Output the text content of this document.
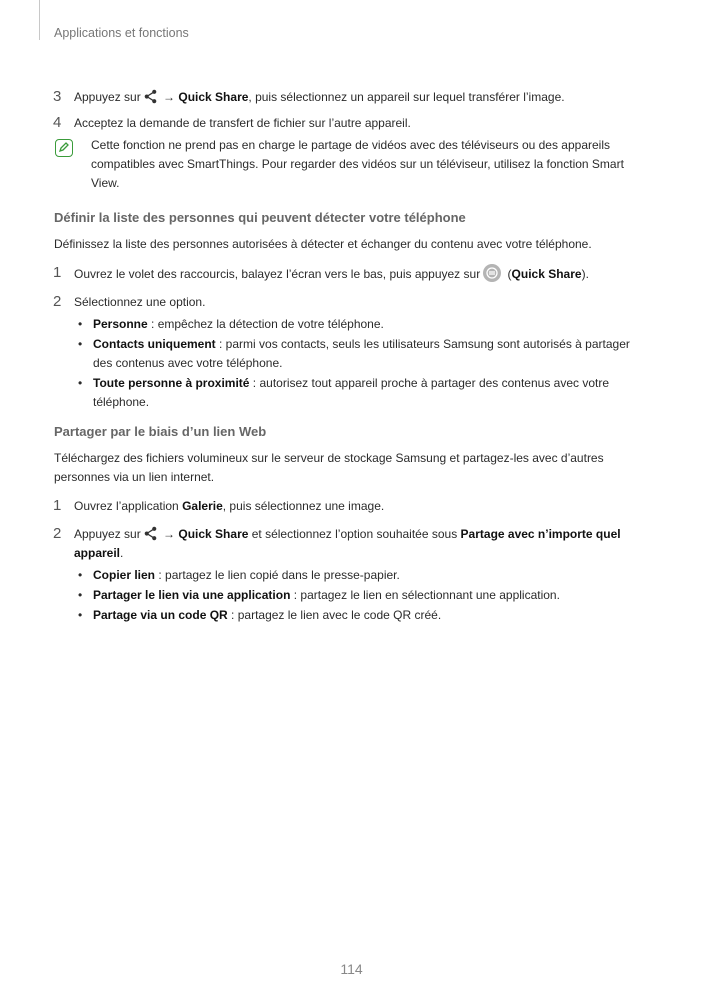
Applications et fonctions
3 Appuyez sur → Quick Share, puis sélectionnez un appareil sur lequel transférer l’image.
4 Acceptez la demande de transfert de fichier sur l’autre appareil.
Cette fonction ne prend pas en charge le partage de vidéos avec des téléviseurs ou des appareils
compatibles avec SmartThings. Pour regarder des vidéos sur un téléviseur, utilisez la fonction Smart
View.
Définir la liste des personnes qui peuvent détecter votre téléphone
Définissez la liste des personnes autorisées à détecter et échanger du contenu avec votre téléphone.
1 Ouvrez le volet des raccourcis, balayez l’écran vers le bas, puis appuyez sur
(Quick Share).
2 Sélectionnez une option.
• Personne : empêchez la détection de votre téléphone.
• Contacts uniquement : parmi vos contacts, seuls les utilisateurs Samsung sont autorisés à partager
des contenus avec votre téléphone.
• Toute personne à proximité : autorisez tout appareil proche à partager des contenus avec votre
téléphone.
Partager par le biais d’un lien Web
Téléchargez des fichiers volumineux sur le serveur de stockage Samsung et partagez-les avec d’autres
personnes via un lien internet.
1 Ouvrez l’application Galerie, puis sélectionnez une image.
2 Appuyez sur → Quick Share et sélectionnez l’option souhaitée sous Partage avec n’importe quel
appareil.
• Copier lien : partagez le lien copié dans le presse-papier.
• Partager le lien via une application : partagez le lien en sélectionnant une application.
• Partage via un code QR : partagez le lien avec le code QR créé.
114
